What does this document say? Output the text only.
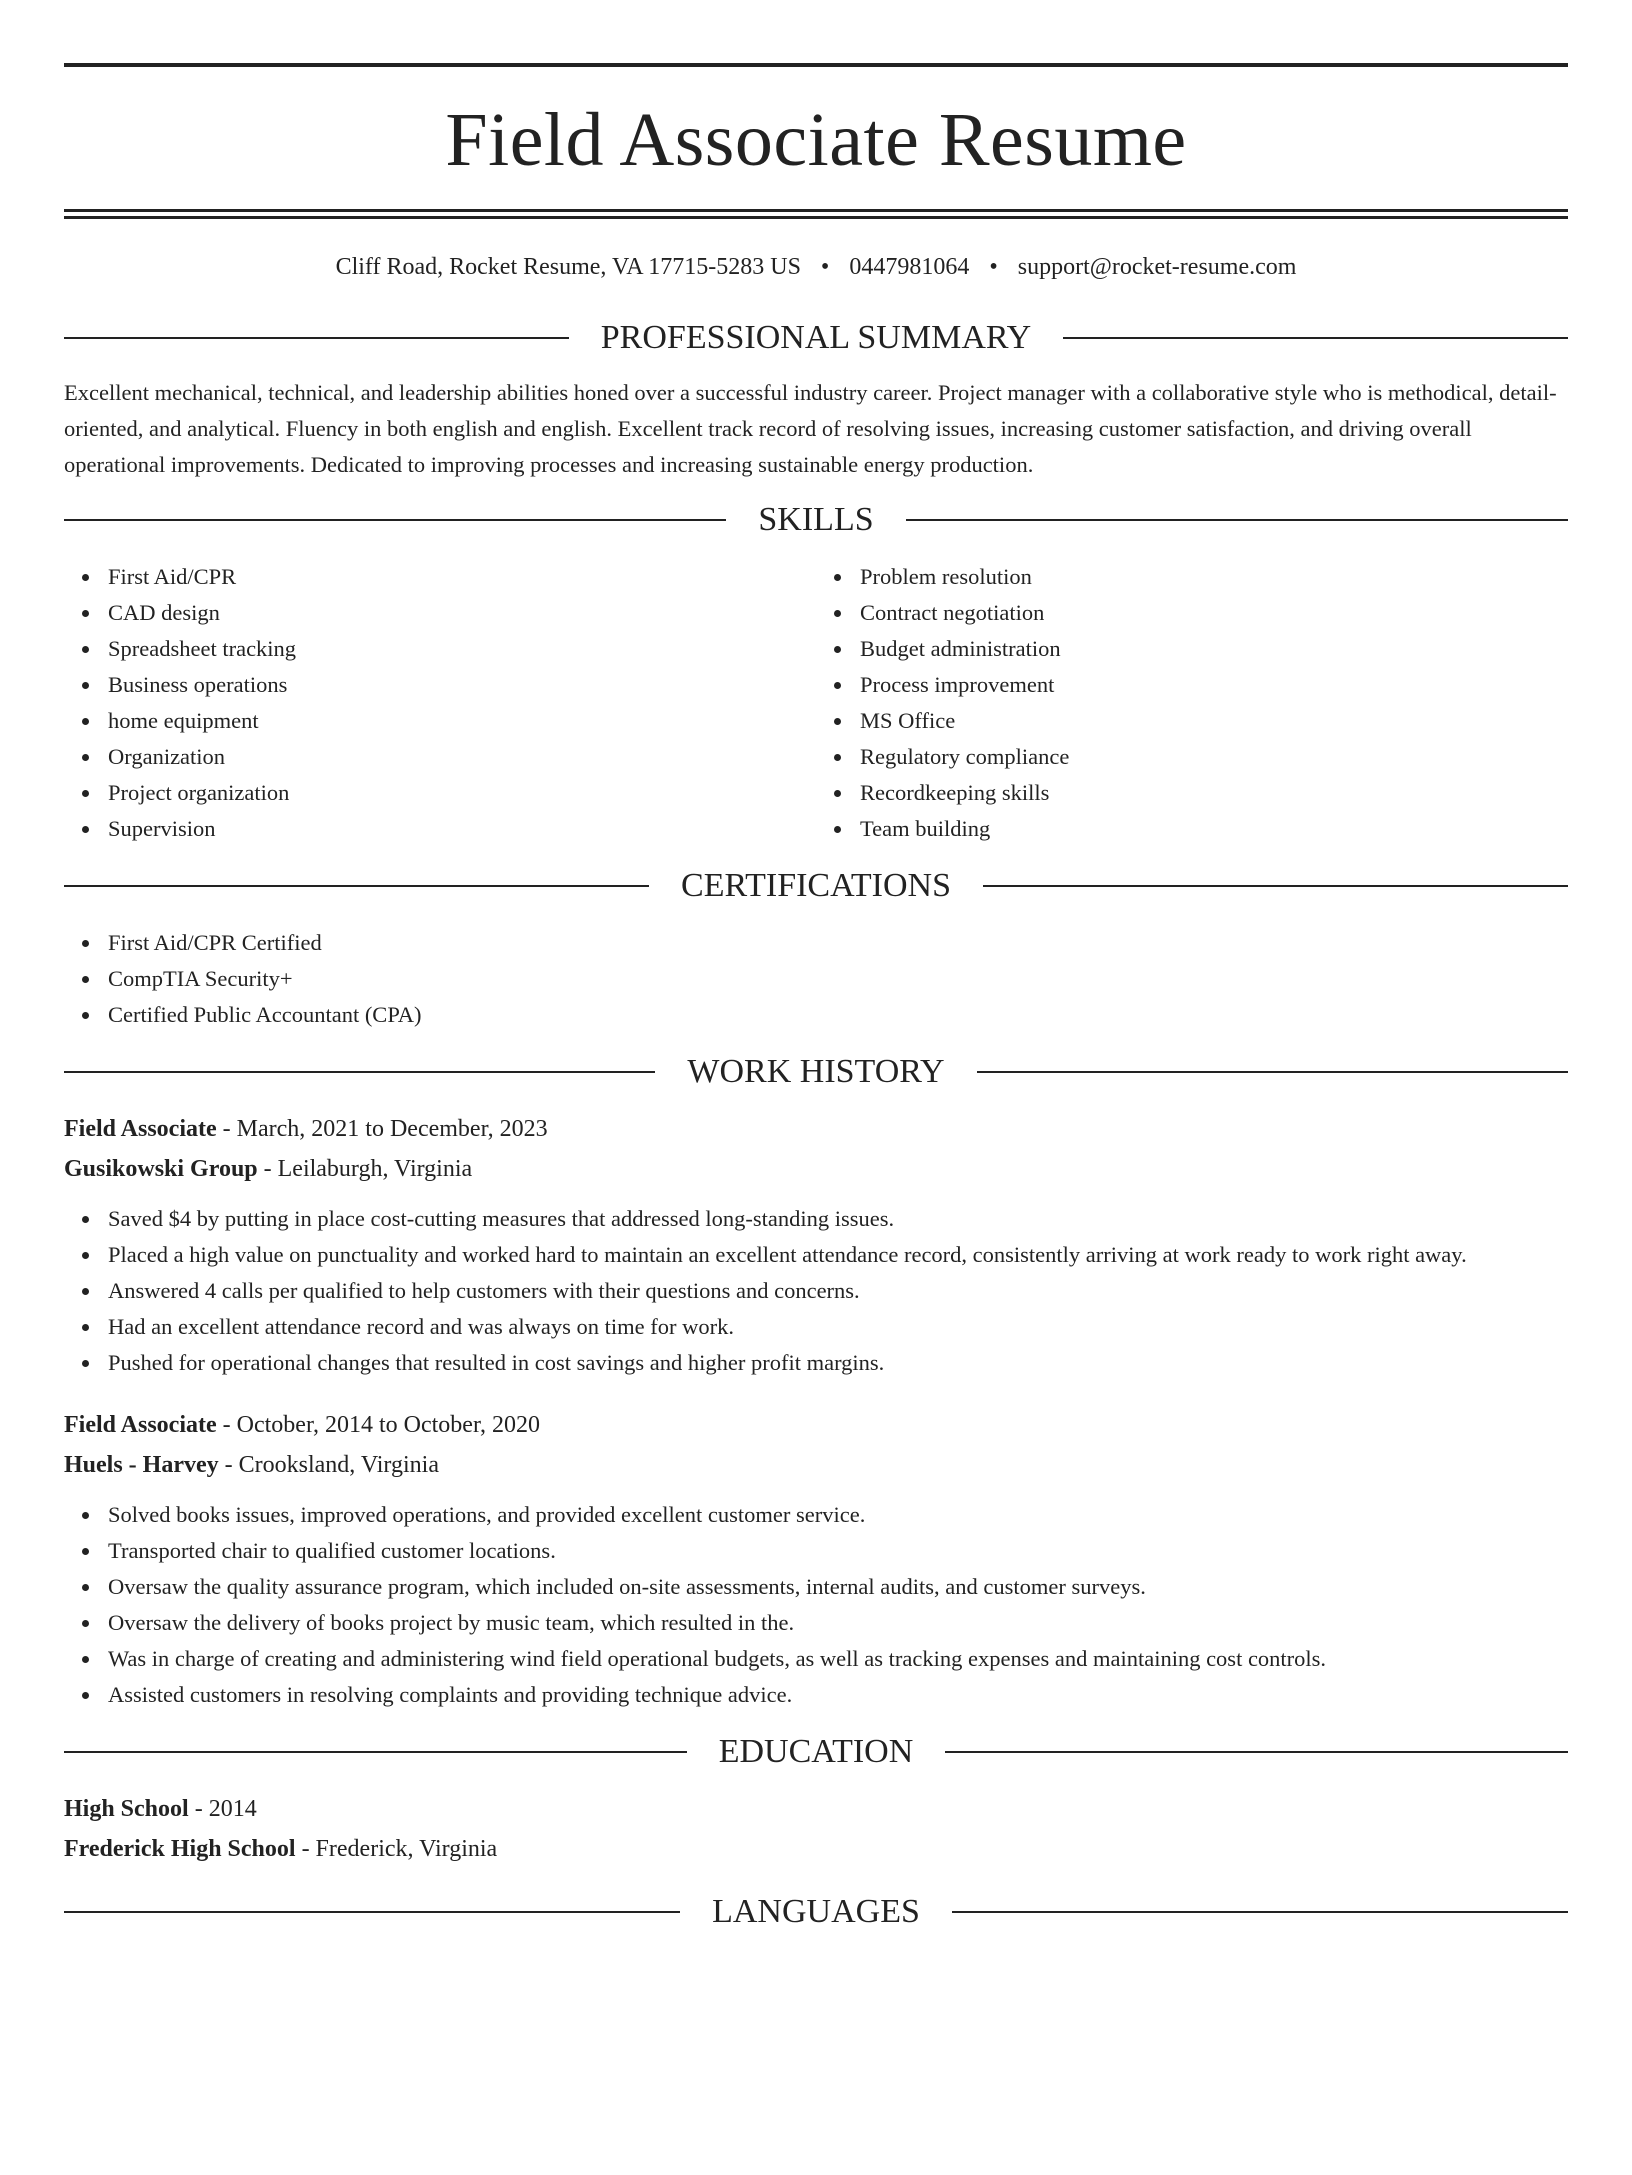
Field Associate Resume
Cliff Road, Rocket Resume, VA 17715-5283 US • 0447981064 • support@rocket-resume.com
PROFESSIONAL SUMMARY

Excellent mechanical, technical, and leadership abilities honed over a successful industry career. Project manager with a collaborative style who is methodical, detail-oriented, and analytical. Fluency in both english and english. Excellent track record of resolving issues, increasing customer satisfaction, and driving overall operational improvements. Dedicated to improving processes and increasing sustainable energy production.

SKILLS
First Aid/CPR
CAD design
Spreadsheet tracking
Business operations
home equipment
Organization
Project organization
Supervision
Problem resolution
Contract negotiation
Budget administration
Process improvement
MS Office
Regulatory compliance
Recordkeeping skills
Team building
CERTIFICATIONS
First Aid/CPR Certified
CompTIA Security+
Certified Public Accountant (CPA)
WORK HISTORY
Field Associate - March, 2021 to December, 2023
Gusikowski Group - Leilaburgh, Virginia
Saved $4 by putting in place cost-cutting measures that addressed long-standing issues.
Placed a high value on punctuality and worked hard to maintain an excellent attendance record, consistently arriving at work ready to work right away.
Answered 4 calls per qualified to help customers with their questions and concerns.
Had an excellent attendance record and was always on time for work.
Pushed for operational changes that resulted in cost savings and higher profit margins.
Field Associate - October, 2014 to October, 2020
Huels - Harvey - Crooksland, Virginia
Solved books issues, improved operations, and provided excellent customer service.
Transported chair to qualified customer locations.
Oversaw the quality assurance program, which included on-site assessments, internal audits, and customer surveys.
Oversaw the delivery of books project by music team, which resulted in the.
Was in charge of creating and administering wind field operational budgets, as well as tracking expenses and maintaining cost controls.
Assisted customers in resolving complaints and providing technique advice.
EDUCATION
High School - 2014
Frederick High School - Frederick, Virginia
LANGUAGES
